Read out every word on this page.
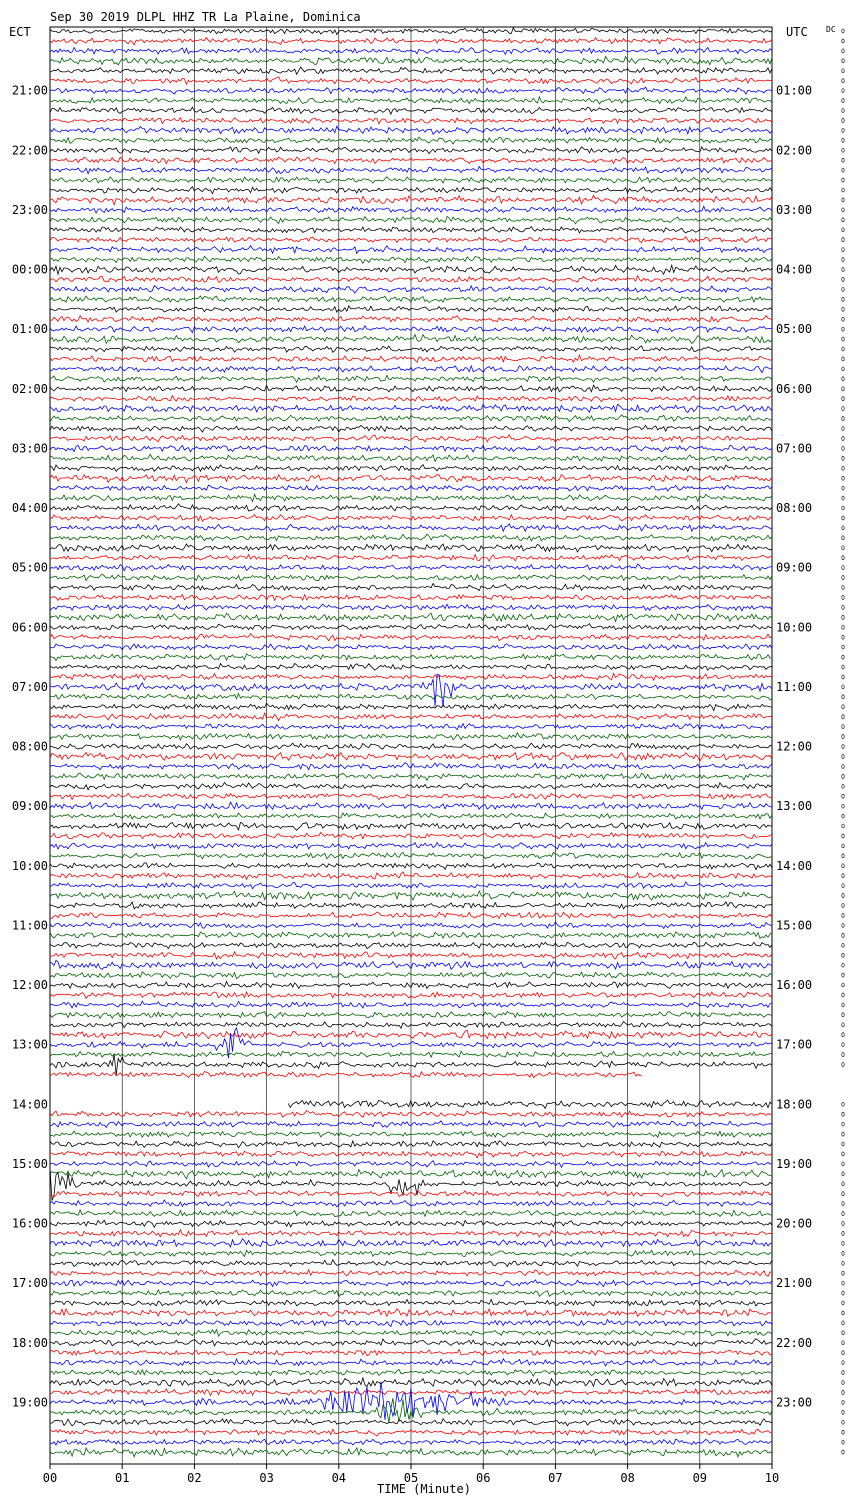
Sep 30 2019 DLPL HHZ TR La Plaine, Dominica
ECT	UTC DC
21:00
22:00
23:00
00:00
01:00
02:00
03:00
04:00
05:00
06:00
07:00
08:00
09:00
10:00
11:00
12:00
13:00
14:00
15:00
16:00
17:00
18:00
19:00
01:00
02:00
03:00
04:00
05:00
06:00
07:00
08:00
09:00
10:00
11:00
12:00
13:00
14:00
15:00
16:00
17:00
18:00
19:00
20:00
21:00
22:00
23:00
00	01	02	03	04	05	06	07	08	09	10
TIME (Minute)
